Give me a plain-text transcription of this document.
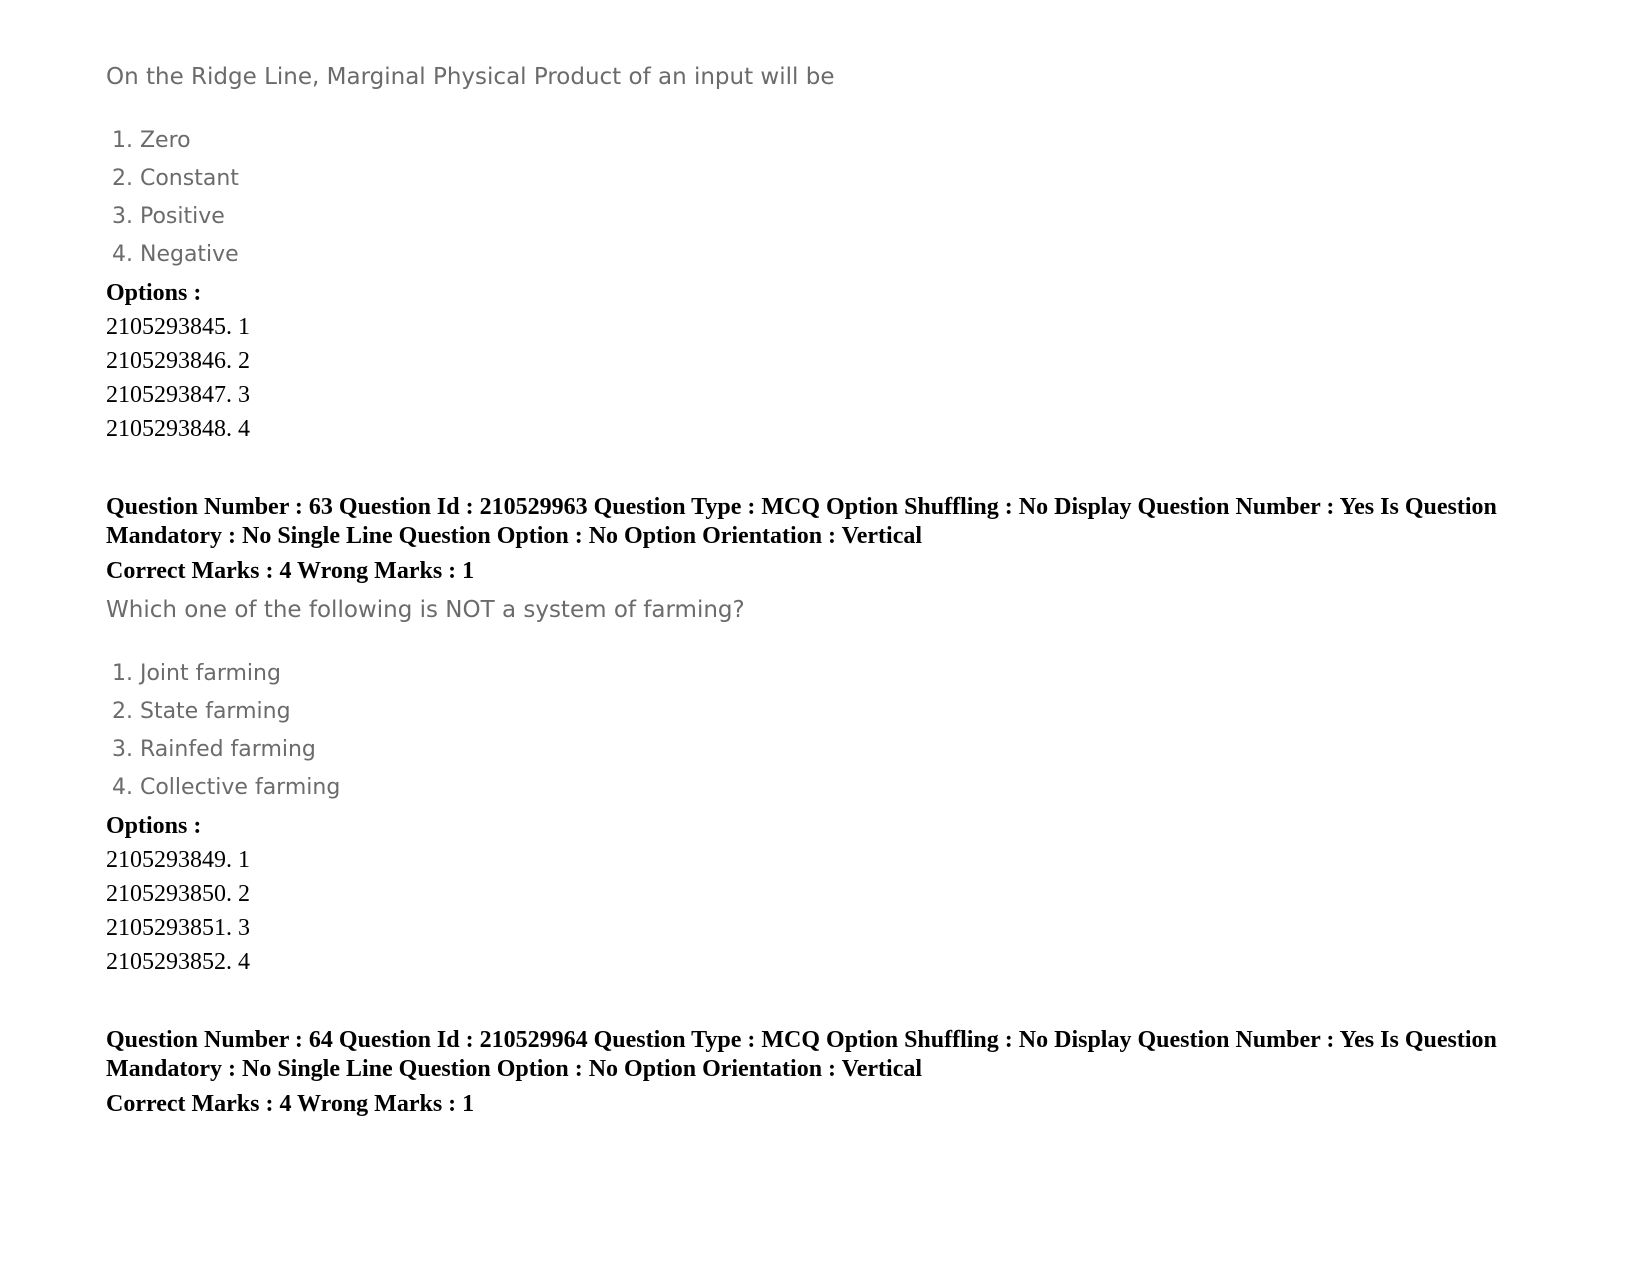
On the Ridge Line, Marginal Physical Product of an input will be
1. Zero
2. Constant
3. Positive
4. Negative
Options :
2105293845. 1
2105293846. 2
2105293847. 3
2105293848. 4
Question Number : 63 Question Id : 210529963 Question Type : MCQ Option Shuffling : No Display Question Number : Yes Is Question
Mandatory : No Single Line Question Option : No Option Orientation : Vertical
Correct Marks : 4 Wrong Marks : 1
Which one of the following is NOT a system of farming?
1. Joint farming
2. State farming
3. Rainfed farming
4. Collective farming
Options :
2105293849. 1
2105293850. 2
2105293851. 3
2105293852. 4
Question Number : 64 Question Id : 210529964 Question Type : MCQ Option Shuffling : No Display Question Number : Yes Is Question
Mandatory : No Single Line Question Option : No Option Orientation : Vertical
Correct Marks : 4 Wrong Marks : 1
